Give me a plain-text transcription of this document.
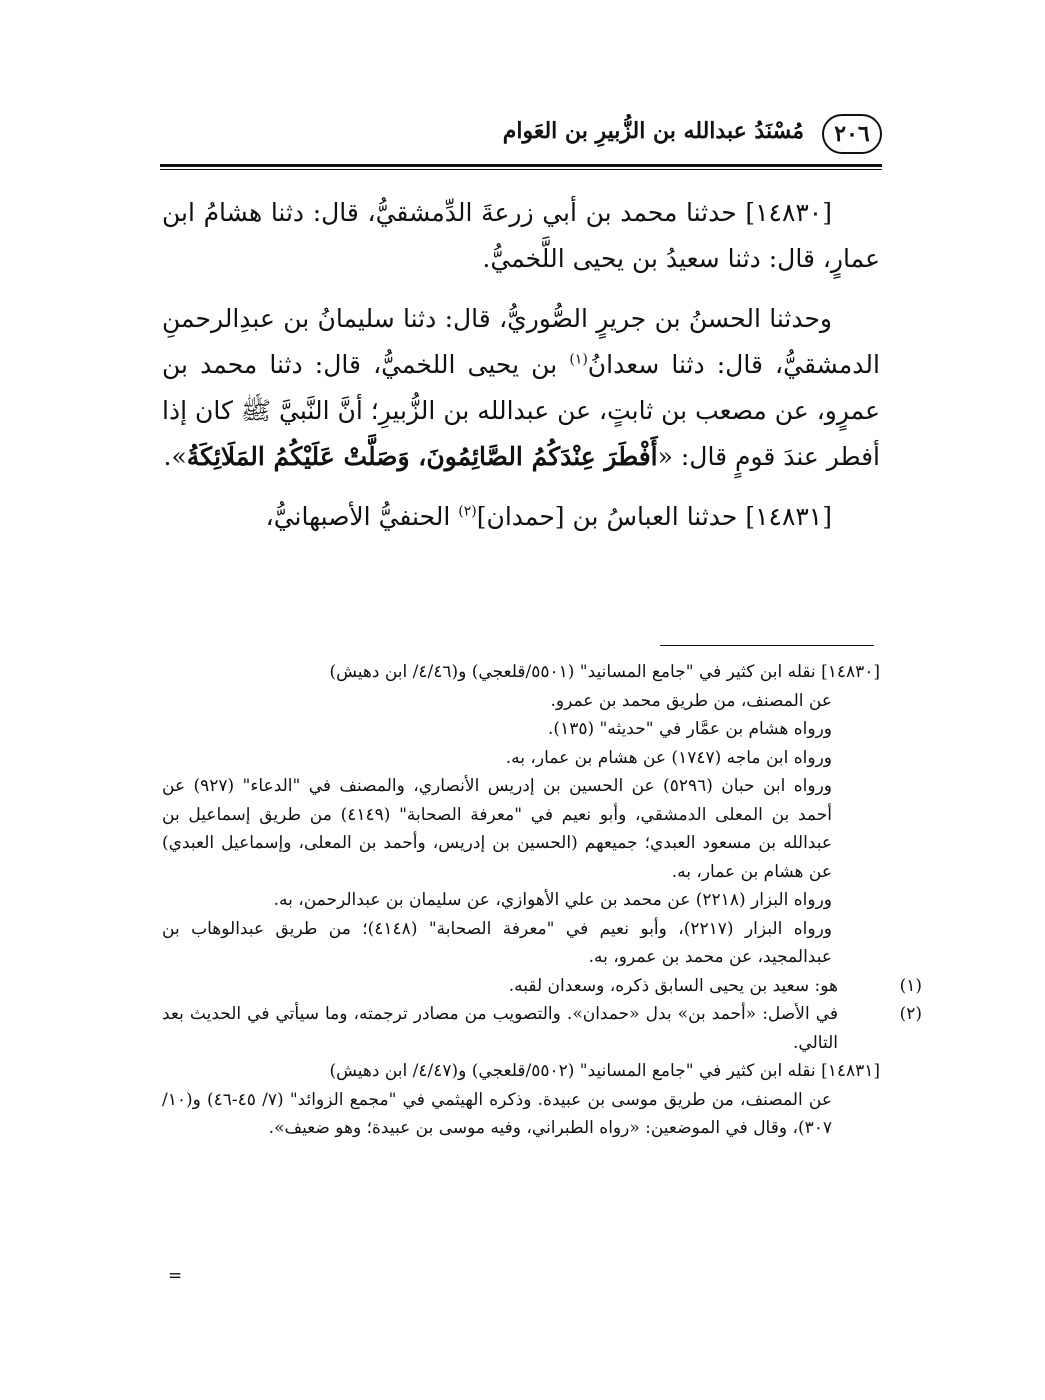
٢٠٦
مُسْنَدُ عبدالله بن الزُّبيرِ بن العَوام

[١٤٨٣٠] حدثنا محمد بن أبي زرعةَ الدِّمشقيُّ، قال: دثنا هشامُ ابن عمارٍ، قال: دثنا سعيدُ بن يحيى اللَّخميُّ.

وحدثنا الحسنُ بن جريرٍ الصُّوريُّ، قال: دثنا سليمانُ بن عبدِالرحمنِ الدمشقيُّ، قال: دثنا سعدانُ$^{(١)}$ بن يحيى اللخميُّ، قال: دثنا محمد بن عمرٍو، عن مصعب بن ثابتٍ، عن عبدالله بن الزُّبيرِ؛ أنَّ النَّبيَّ ﷺ كان إذا أفطر عندَ قومٍ قال: «أَفْطَرَ عِنْدَكُمُ الصَّائِمُونَ، وَصَلَّتْ عَلَيْكُمُ المَلَائِكَةُ».

[١٤٨٣١] حدثنا العباسُ بن [حمدان]$^{(٢)}$ الحنفيُّ الأصبهانيُّ،

[١٤٨٣٠] نقله ابن كثير في "جامع المسانيد" (٥٥٠١/قلعجي) و(٤/٤٦/ ابن دهيش)

عن المصنف، من طريق محمد بن عمرو.

ورواه هشام بن عمَّار في "حديثه" (١٣٥).

ورواه ابن ماجه (١٧٤٧) عن هشام بن عمار، به.

ورواه ابن حبان (٥٢٩٦) عن الحسين بن إدريس الأنصاري، والمصنف في "الدعاء" (٩٢٧) عن أحمد بن المعلى الدمشقي، وأبو نعيم في "معرفة الصحابة" (٤١٤٩) من طريق إسماعيل بن عبدالله بن مسعود العبدي؛ جميعهم (الحسين بن إدريس، وأحمد بن المعلى، وإسماعيل العبدي) عن هشام بن عمار، به.

ورواه البزار (٢٢١٨) عن محمد بن علي الأهوازي، عن سليمان بن عبدالرحمن، به.

ورواه البزار (٢٢١٧)، وأبو نعيم في "معرفة الصحابة" (٤١٤٨)؛ من طريق عبدالوهاب بن عبدالمجيد، عن محمد بن عمرو، به.

(١)هو: سعيد بن يحيى السابق ذكره، وسعدان لقبه.

(٢)في الأصل: «أحمد بن» بدل «حمدان». والتصويب من مصادر ترجمته، وما سيأتي في الحديث بعد التالي.

[١٤٨٣١] نقله ابن كثير في "جامع المسانيد" (٥٥٠٢/قلعجي) و(٤/٤٧/ ابن دهيش)

عن المصنف، من طريق موسى بن عبيدة. وذكره الهيثمي في "مجمع الزوائد" (٧/ ٤٥-٤٦) و(١٠/ ٣٠٧)، وقال في الموضعين: «رواه الطبراني، وفيه موسى بن عبيدة؛ وهو ضعيف».

=
